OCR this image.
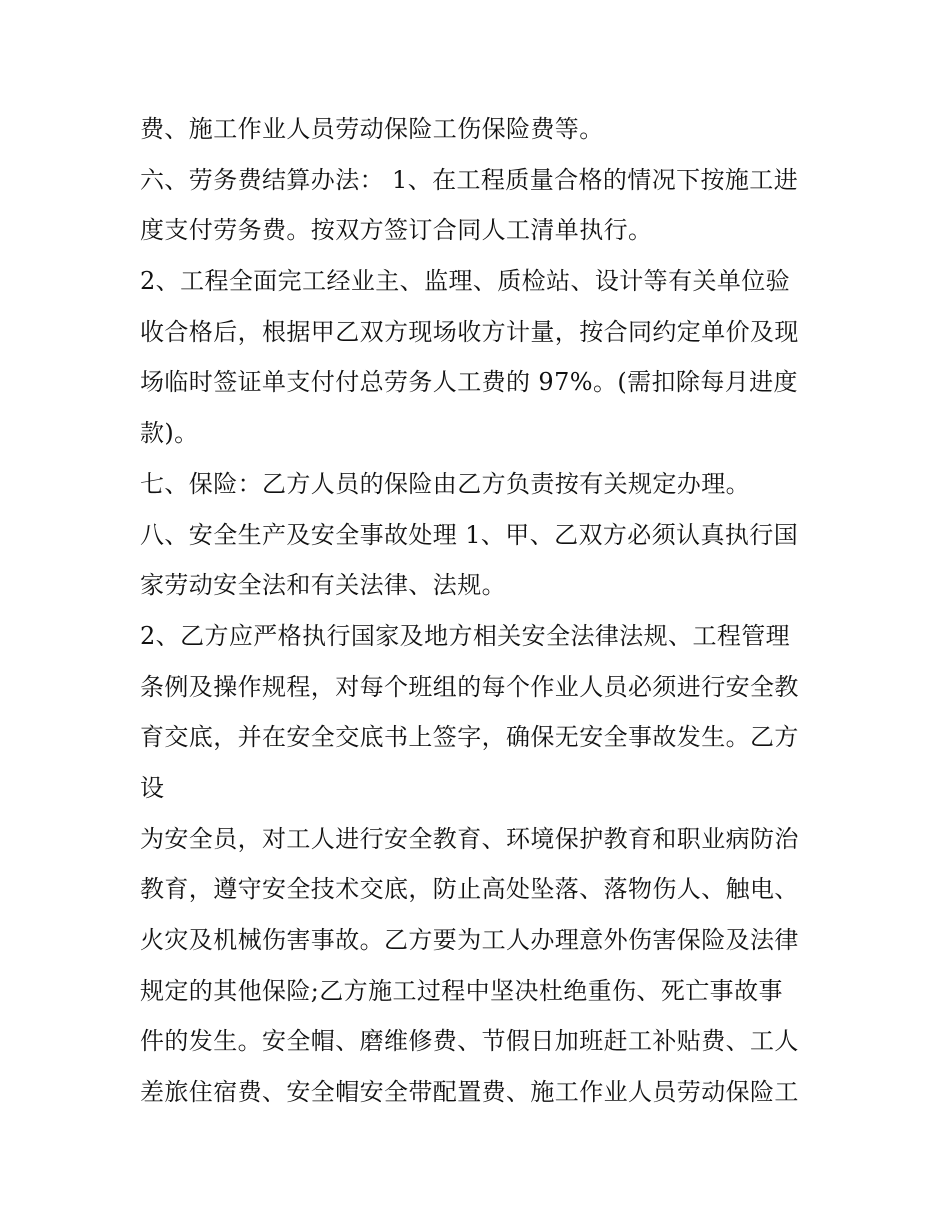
费、施工作业人员劳动保险工伤保险费等。
六、劳务费结算办法： 1、在工程质量合格的情况下按施工进
度支付劳务费。按双方签订合同人工清单执行。
2、工程全面完工经业主、监理、质检站、设计等有关单位验
收合格后，根据甲乙双方现场收方计量，按合同约定单价及现
场临时签证单支付付总劳务人工费的 97%。(需扣除每月进度
款)。
七、保险：乙方人员的保险由乙方负责按有关规定办理。
八、安全生产及安全事故处理 1、甲、乙双方必须认真执行国
家劳动安全法和有关法律、法规。
2、乙方应严格执行国家及地方相关安全法律法规、工程管理
条例及操作规程，对每个班组的每个作业人员必须进行安全教
育交底，并在安全交底书上签字，确保无安全事故发生。乙方
设
为安全员，对工人进行安全教育、环境保护教育和职业病防治
教育，遵守安全技术交底，防止高处坠落、落物伤人、触电、
火灾及机械伤害事故。乙方要为工人办理意外伤害保险及法律
规定的其他保险;乙方施工过程中坚决杜绝重伤、死亡事故事
件的发生。安全帽、磨维修费、节假日加班赶工补贴费、工人
差旅住宿费、安全帽安全带配置费、施工作业人员劳动保险工
